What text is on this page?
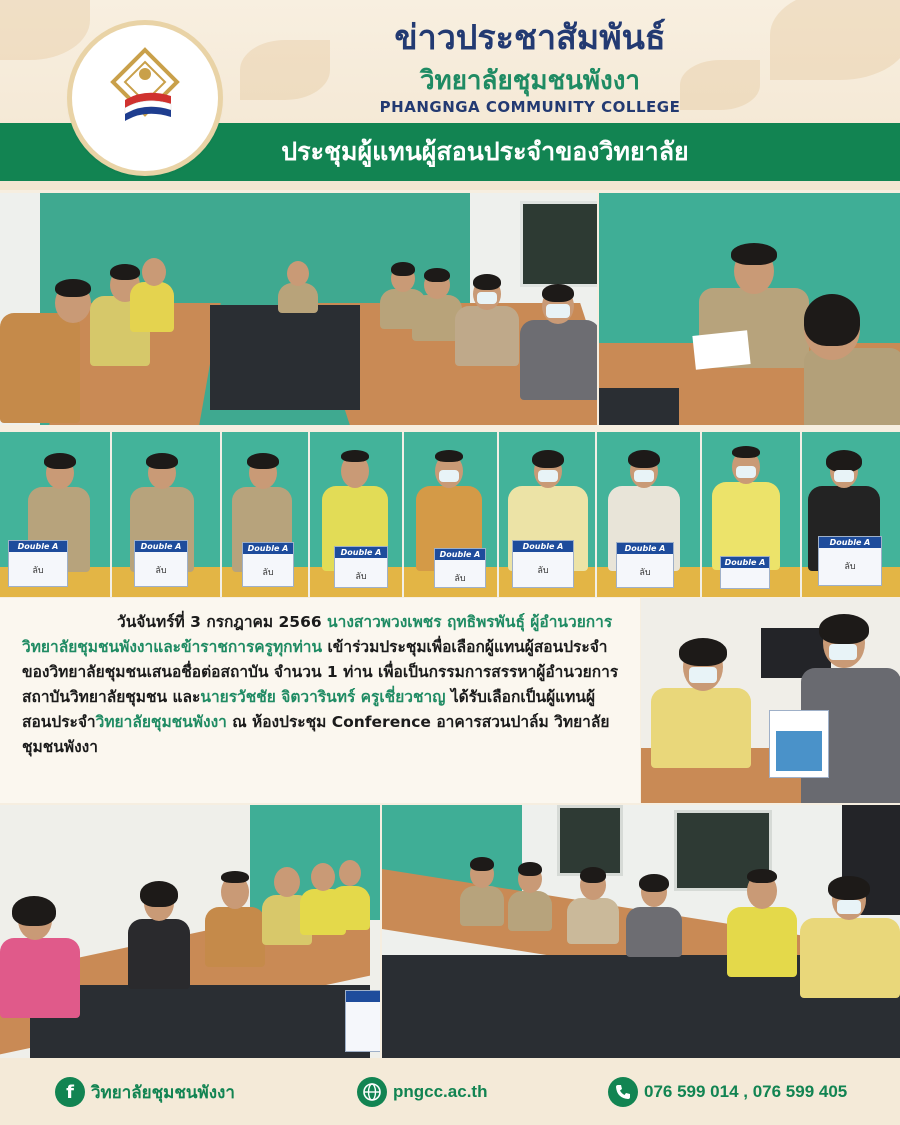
ข่าวประชาสัมพันธ์
วิทยาลัยชุมชนพังงา
PHANGNGA COMMUNITY COLLEGE
ประชุมผู้แทนผู้สอนประจำของวิทยาลัย
Double A
ลับ
Double A
ลับ
Double A
ลับ
Double A
ลับ
Double A
ลับ
Double A
ลับ
Double A
ลับ
Double A
Double A
ลับ

วันจันทร์ที่ 3 กรกฎาคม 2566 นางสาวพวงเพชร ฤทธิพรพันธุ์ ผู้อำนวยการวิทยาลัยชุมชนพังงาและข้าราชการครูทุกท่าน เข้าร่วมประชุมเพื่อเลือกผู้แทนผู้สอนประจำของวิทยาลัยชุมชนเสนอชื่อต่อสถาบัน จำนวน 1 ท่าน เพื่อเป็นกรรมการสรรหาผู้อำนวยการสถาบันวิทยาลัยชุมชน และนายรวัชชัย จิตวารินทร์ ครูเชี่ยวชาญ ได้รับเลือกเป็นผู้แทนผู้สอนประจำวิทยาลัยชุมชนพังงา ณ ห้องประชุม Conference อาคารสวนปาล์ม วิทยาลัยชุมชนพังงา

f	วิทยาลัยชุมชนพังงา	pngcc.ac.th	076 599 014 , 076 599 405
